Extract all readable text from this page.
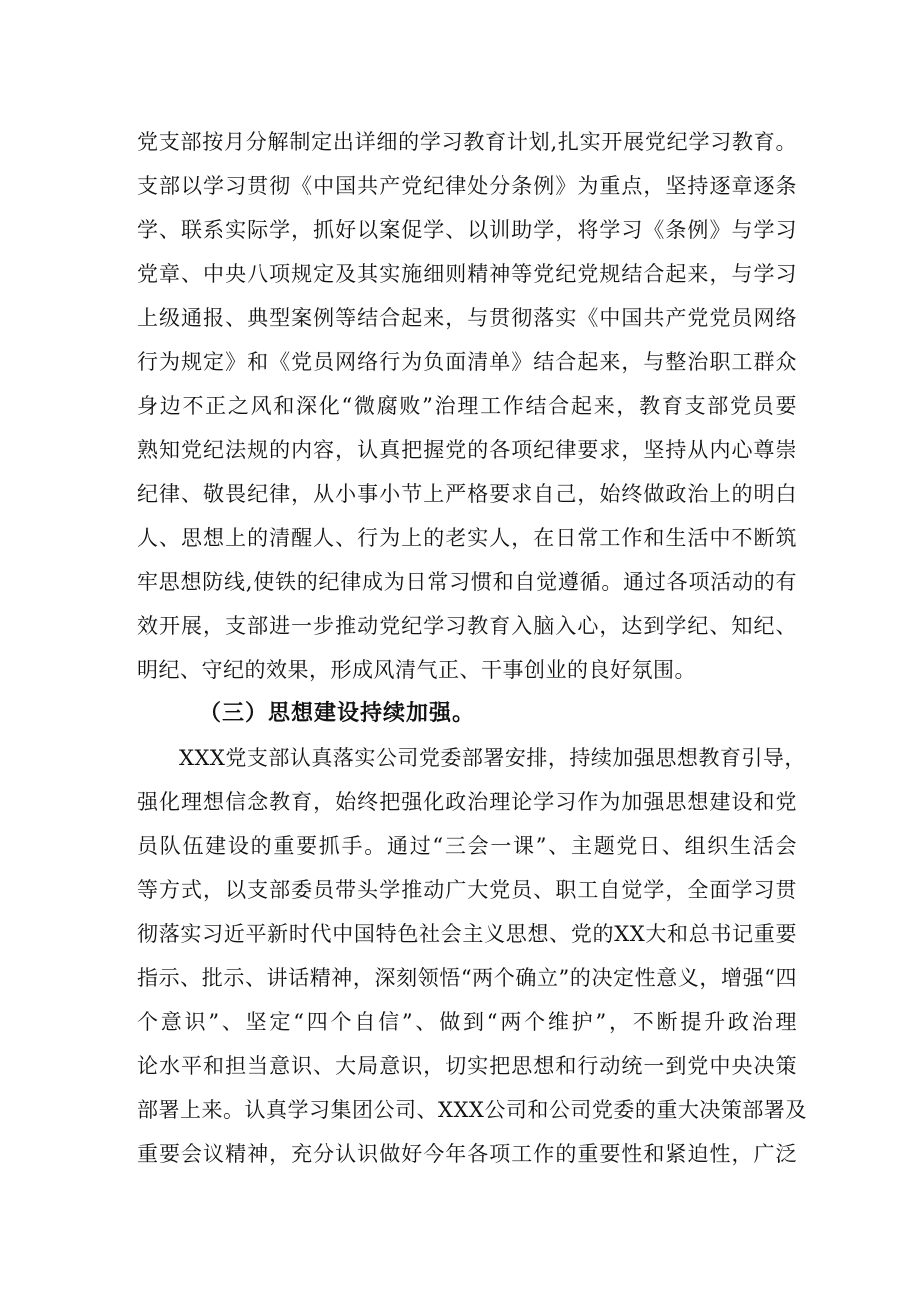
党支部按月分解制定出详细的学习教育计划,扎实开展党纪学习教育。
支部以学习贯彻《中国共产党纪律处分条例》为重点，坚持逐章逐条
学、联系实际学，抓好以案促学、以训助学，将学习《条例》与学习
党章、中央八项规定及其实施细则精神等党纪党规结合起来，与学习
上级通报、典型案例等结合起来，与贯彻落实《中国共产党党员网络
行为规定》和《党员网络行为负面清单》结合起来，与整治职工群众
身边不正之风和深化“微腐败”治理工作结合起来，教育支部党员要
熟知党纪法规的内容，认真把握党的各项纪律要求，坚持从内心尊崇
纪律、敬畏纪律，从小事小节上严格要求自己，始终做政治上的明白
人、思想上的清醒人、行为上的老实人，在日常工作和生活中不断筑
牢思想防线,使铁的纪律成为日常习惯和自觉遵循。通过各项活动的有
效开展，支部进一步推动党纪学习教育入脑入心，达到学纪、知纪、
明纪、守纪的效果，形成风清气正、干事创业的良好氛围。
（三）思想建设持续加强。
XXX党支部认真落实公司党委部署安排，持续加强思想教育引导，
强化理想信念教育，始终把强化政治理论学习作为加强思想建设和党
员队伍建设的重要抓手。通过“三会一课”、主题党日、组织生活会
等方式，以支部委员带头学推动广大党员、职工自觉学，全面学习贯
彻落实习近平新时代中国特色社会主义思想、党的XX大和总书记重要
指示、批示、讲话精神，深刻领悟“两个确立”的决定性意义，增强“四
个意识”、坚定“四个自信”、做到“两个维护”，不断提升政治理
论水平和担当意识、大局意识，切实把思想和行动统一到党中央决策
部署上来。认真学习集团公司、XXX公司和公司党委的重大决策部署及
重要会议精神，充分认识做好今年各项工作的重要性和紧迫性，广泛
